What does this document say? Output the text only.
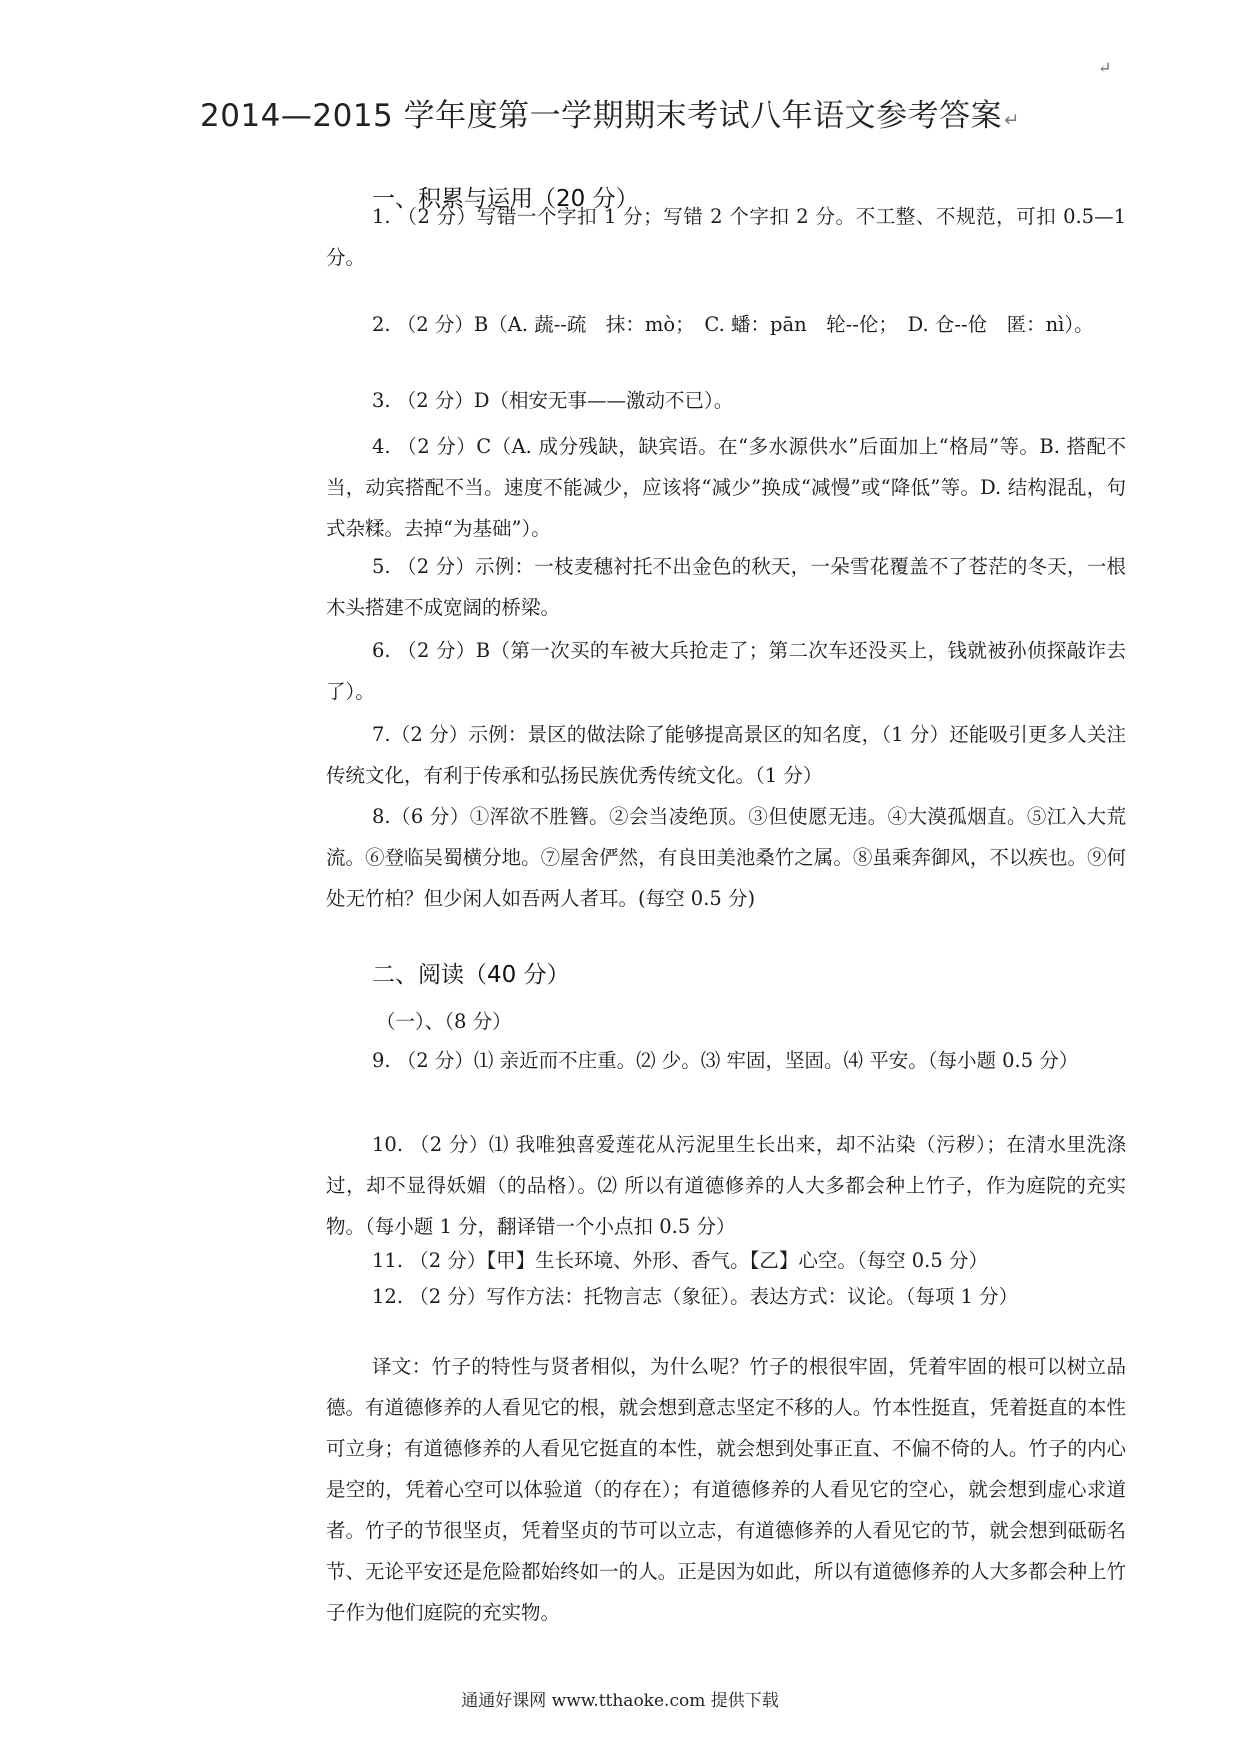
↵
2014—2015 学年度第一学期期末考试八年语文参考答案 ↵
一、积累与运用（20 分）
1. （2 分）写错一个字扣 1 分；写错 2 个字扣 2 分。不工整、不规范，可扣 0.5—1 分。
2. （2 分）B（A. 蔬--疏　抹：mò；　C. 蟠：pān　轮--伦；　D. 仓--伧　匿：nì）。
3. （2 分）D（相安无事——激动不已）。
4. （2 分）C（A. 成分残缺，缺宾语。在“多水源供水”后面加上“格局”等。B. 搭配不当，动宾搭配不当。速度不能减少，应该将“减少”换成“减慢”或“降低”等。D. 结构混乱，句式杂糅。去掉“为基础”）。
5. （2 分）示例：一枝麦穗衬托不出金色的秋天，一朵雪花覆盖不了苍茫的冬天，一根木头搭建不成宽阔的桥梁。
6. （2 分）B（第一次买的车被大兵抢走了；第二次车还没买上，钱就被孙侦探敲诈去了）。
7.（2 分）示例：景区的做法除了能够提高景区的知名度，（1 分）还能吸引更多人关注传统文化，有利于传承和弘扬民族优秀传统文化。（1 分）
8.（6 分）①浑欲不胜簪。②会当凌绝顶。③但使愿无违。④大漠孤烟直。⑤江入大荒流。⑥登临吴蜀横分地。⑦屋舍俨然，有良田美池桑竹之属。⑧虽乘奔御风，不以疾也。⑨何处无竹柏？但少闲人如吾两人者耳。(每空 0.5 分)
二、阅读（40 分）
（一）、（8 分）
9. （2 分）⑴ 亲近而不庄重。⑵ 少。⑶ 牢固，坚固。⑷ 平安。（每小题 0.5 分）
10. （2 分）⑴ 我唯独喜爱莲花从污泥里生长出来，却不沾染（污秽）；在清水里洗涤过，却不显得妖媚（的品格）。⑵ 所以有道德修养的人大多都会种上竹子，作为庭院的充实物。（每小题 1 分，翻译错一个小点扣 0.5 分）
11. （2 分）【甲】生长环境、外形、香气。【乙】心空。（每空 0.5 分）
12. （2 分）写作方法：托物言志（象征）。表达方式：议论。（每项 1 分）
译文：竹子的特性与贤者相似，为什么呢？竹子的根很牢固，凭着牢固的根可以树立品德。有道德修养的人看见它的根，就会想到意志坚定不移的人。竹本性挺直，凭着挺直的本性可立身；有道德修养的人看见它挺直的本性，就会想到处事正直、不偏不倚的人。竹子的内心是空的，凭着心空可以体验道（的存在）；有道德修养的人看见它的空心，就会想到虚心求道者。竹子的节很坚贞，凭着坚贞的节可以立志，有道德修养的人看见它的节，就会想到砥砺名节、无论平安还是危险都始终如一的人。正是因为如此，所以有道德修养的人大多都会种上竹子作为他们庭院的充实物。
通通好课网 www.tthaoke.com 提供下载
